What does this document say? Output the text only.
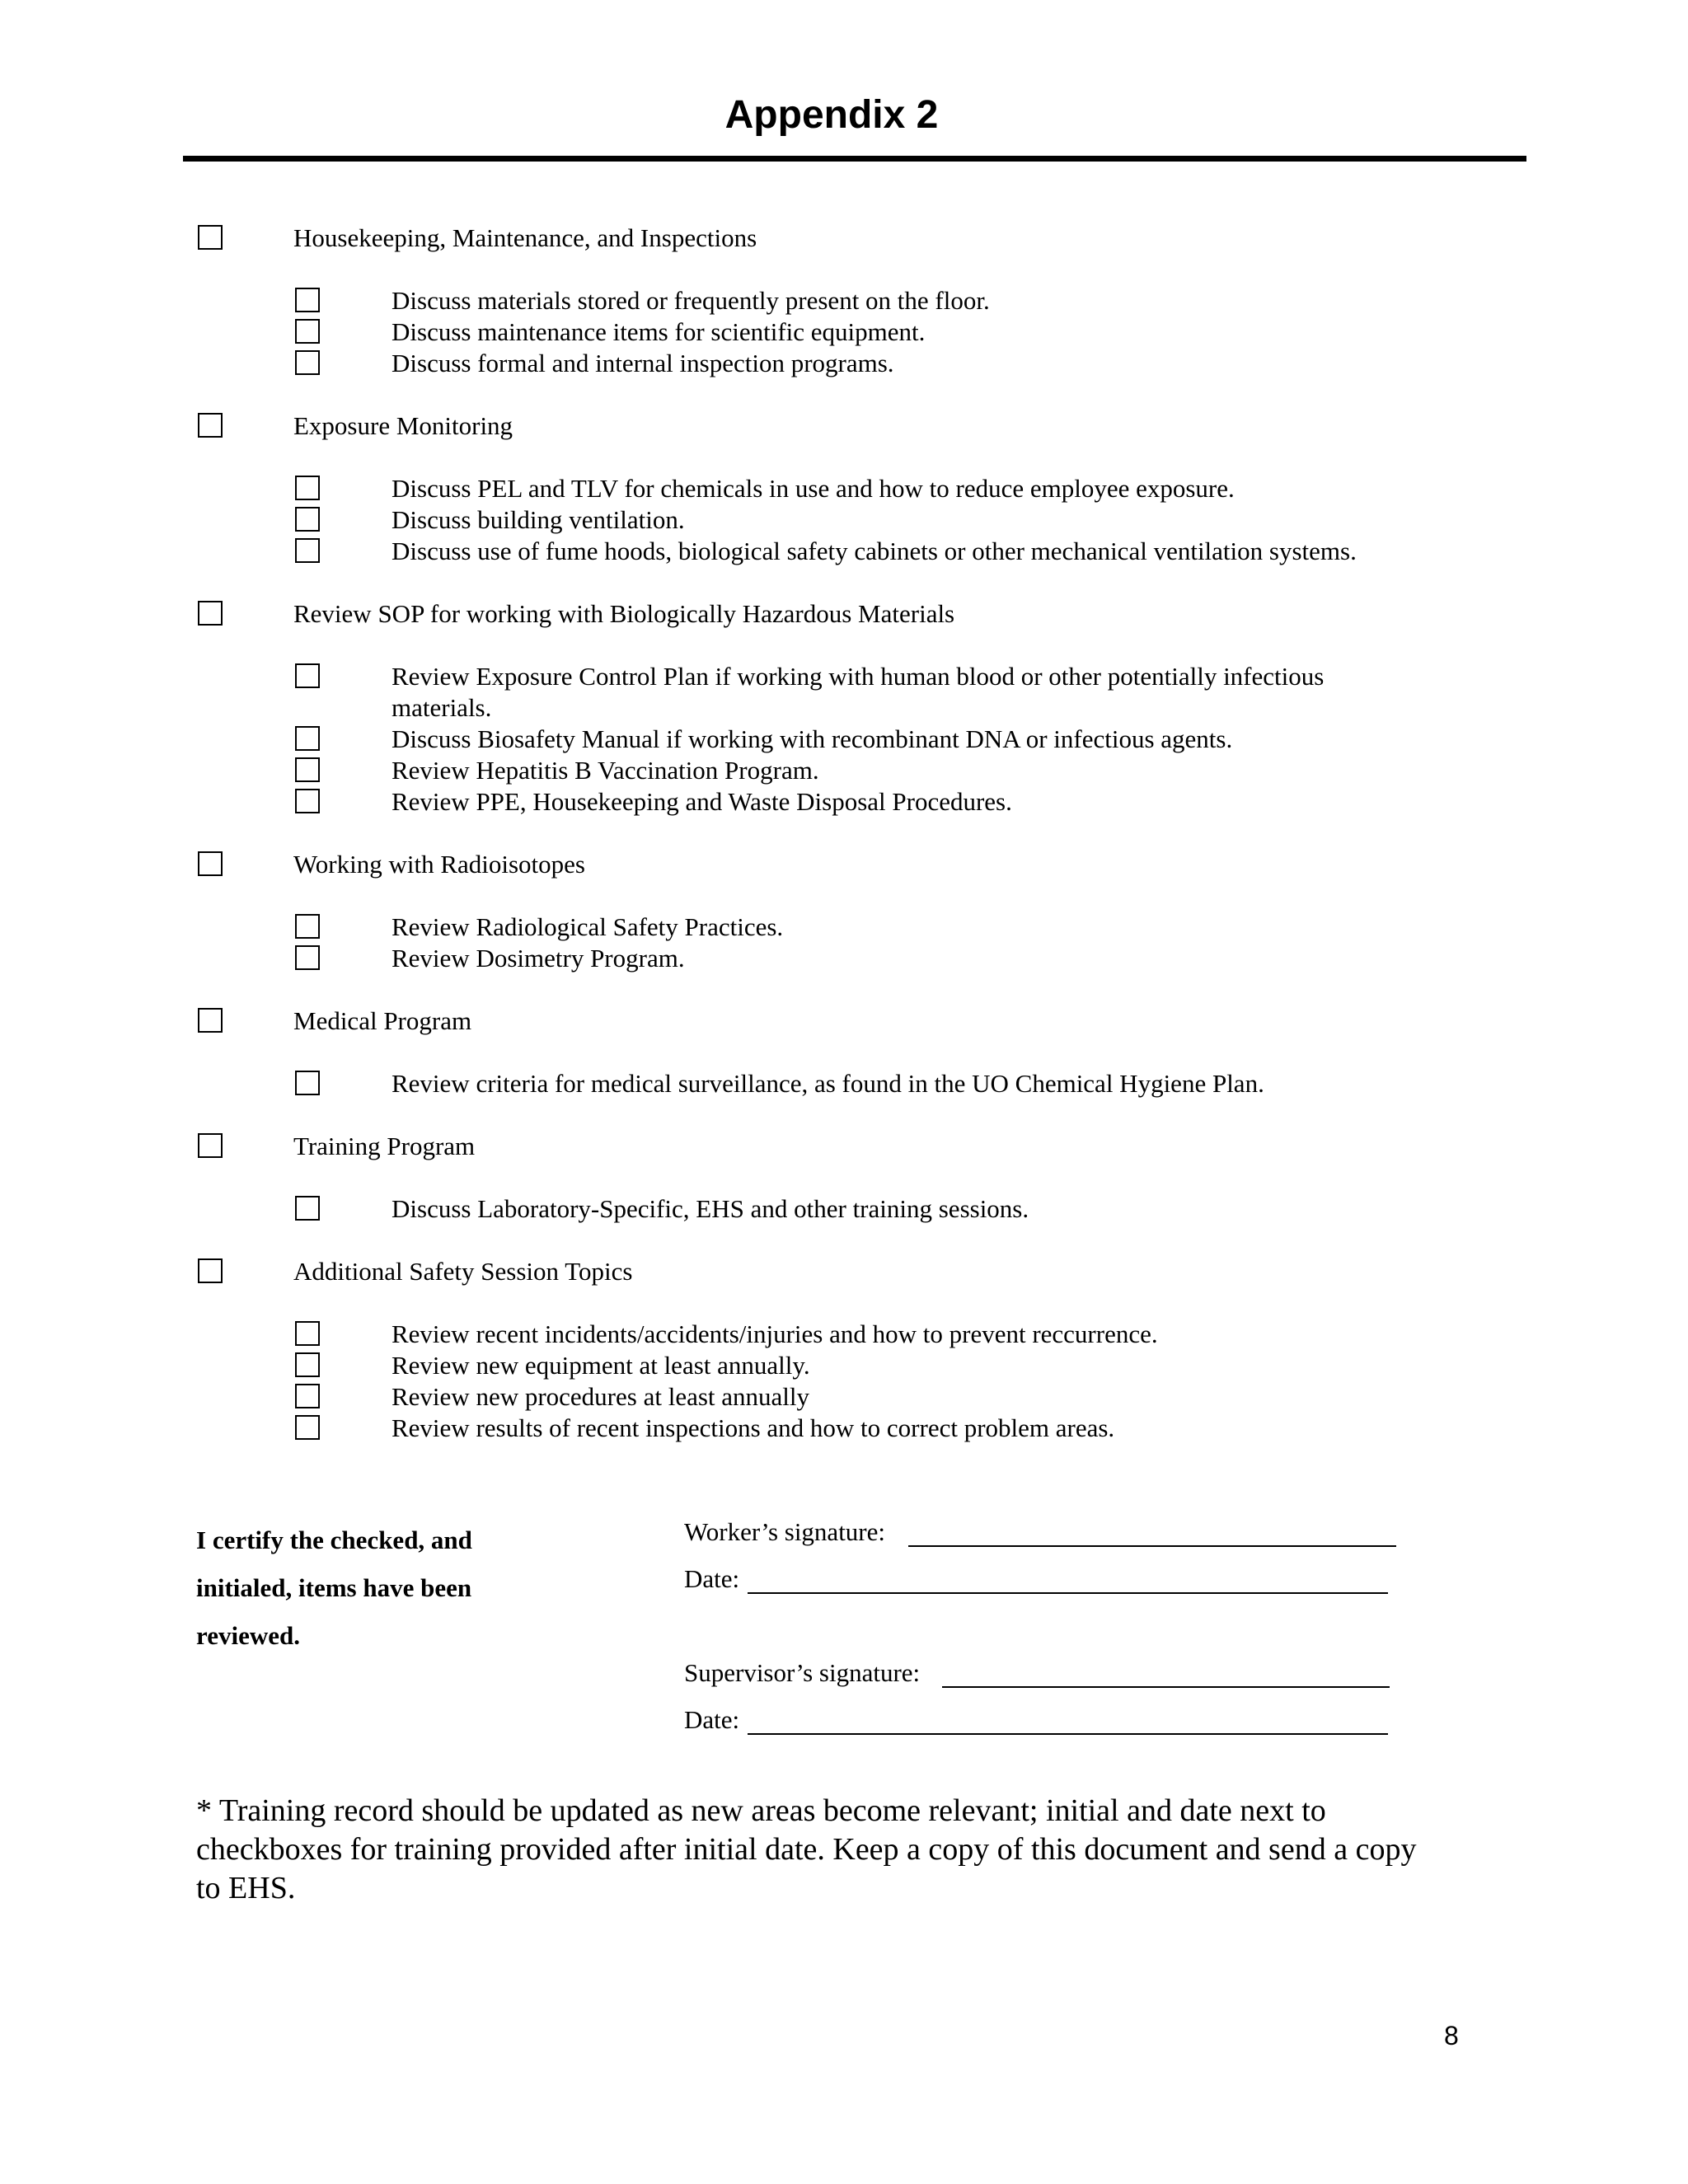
Appendix 2
Housekeeping, Maintenance, and Inspections
Discuss materials stored or frequently present on the floor.
Discuss maintenance items for scientific equipment.
Discuss formal and internal inspection programs.
Exposure Monitoring
Discuss PEL and TLV for chemicals in use and how to reduce employee exposure.
Discuss building ventilation.
Discuss use of fume hoods, biological safety cabinets or other mechanical ventilation systems.
Review SOP for working with Biologically Hazardous Materials
Review Exposure Control Plan if working with human blood or other potentially infectious
materials.
Discuss Biosafety Manual if working with recombinant DNA or infectious agents.
Review Hepatitis B Vaccination Program.
Review PPE, Housekeeping and Waste Disposal Procedures.
Working with Radioisotopes
Review Radiological Safety Practices.
Review Dosimetry Program.
Medical Program
Review criteria for medical surveillance, as found in the UO Chemical Hygiene Plan.
Training Program
Discuss Laboratory-Specific, EHS and other training sessions.
Additional Safety Session Topics
Review recent incidents/accidents/injuries and how to prevent reccurrence.
Review new equipment at least annually.
Review new procedures at least annually
Review results of recent inspections and how to correct problem areas.
I certify the checked, and initialed, items have been reviewed.
Worker’s signature:
Date:
Supervisor’s signature:
Date:
* Training record should be updated as new areas become relevant; initial and date next to checkboxes for training provided after initial date. Keep a copy of this document and send a copy to EHS.
8
